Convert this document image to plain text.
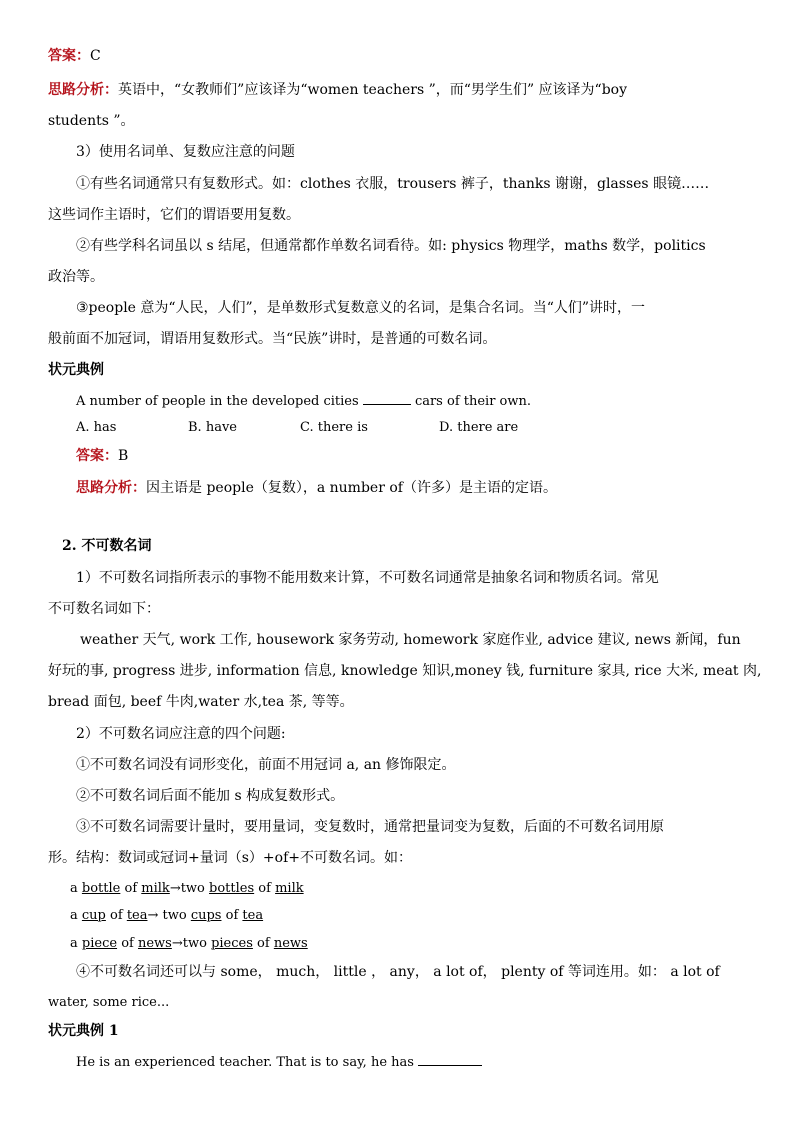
答案：C
思路分析：英语中，“女教师们”应该译为“women teachers ”，而“男学生们” 应该译为“boy
students ”。
3）使用名词单、复数应注意的问题
①有些名词通常只有复数形式。如：clothes 衣服，trousers 裤子，thanks 谢谢，glasses 眼镜……
这些词作主语时，它们的谓语要用复数。
②有些学科名词虽以 s 结尾，但通常都作单数名词看待。如: physics 物理学，maths 数学，politics
政治等。
③people 意为“人民，人们”，是单数形式复数意义的名词，是集合名词。当“人们”讲时，一
般前面不加冠词，谓语用复数形式。当“民族”讲时，是普通的可数名词。
状元典例
A number of people in the developed cities	cars of their own.
A. has	B. have	C. there is	D. there are
答案：B
思路分析：因主语是 people（复数），a number of（许多）是主语的定语。
2. 不可数名词
1）不可数名词指所表示的事物不能用数来计算，不可数名词通常是抽象名词和物质名词。常见
不可数名词如下：
weather 天气, work 工作, housework 家务劳动, homework 家庭作业, advice 建议, news 新闻，fun
好玩的事, progress 进步, information 信息, knowledge 知识,money 钱, furniture 家具, rice 大米, meat 肉,
bread 面包, beef 牛肉,water 水,tea 茶, 等等。
2）不可数名词应注意的四个问题:
①不可数名词没有词形变化，前面不用冠词 a, an 修饰限定。
②不可数名词后面不能加 s 构成复数形式。
③不可数名词需要计量时，要用量词，变复数时，通常把量词变为复数，后面的不可数名词用原
形。结构：数词或冠词+量词（s）+of+不可数名词。如：
a bottle of milk→two bottles of milk
a cup of tea→ two cups of tea
a piece of news→two pieces of news
④不可数名词还可以与 some， much， little ， any， a lot of， plenty of 等词连用。如： a lot of
water, some rice...
状元典例 1
He is an experienced teacher. That is to say, he has
